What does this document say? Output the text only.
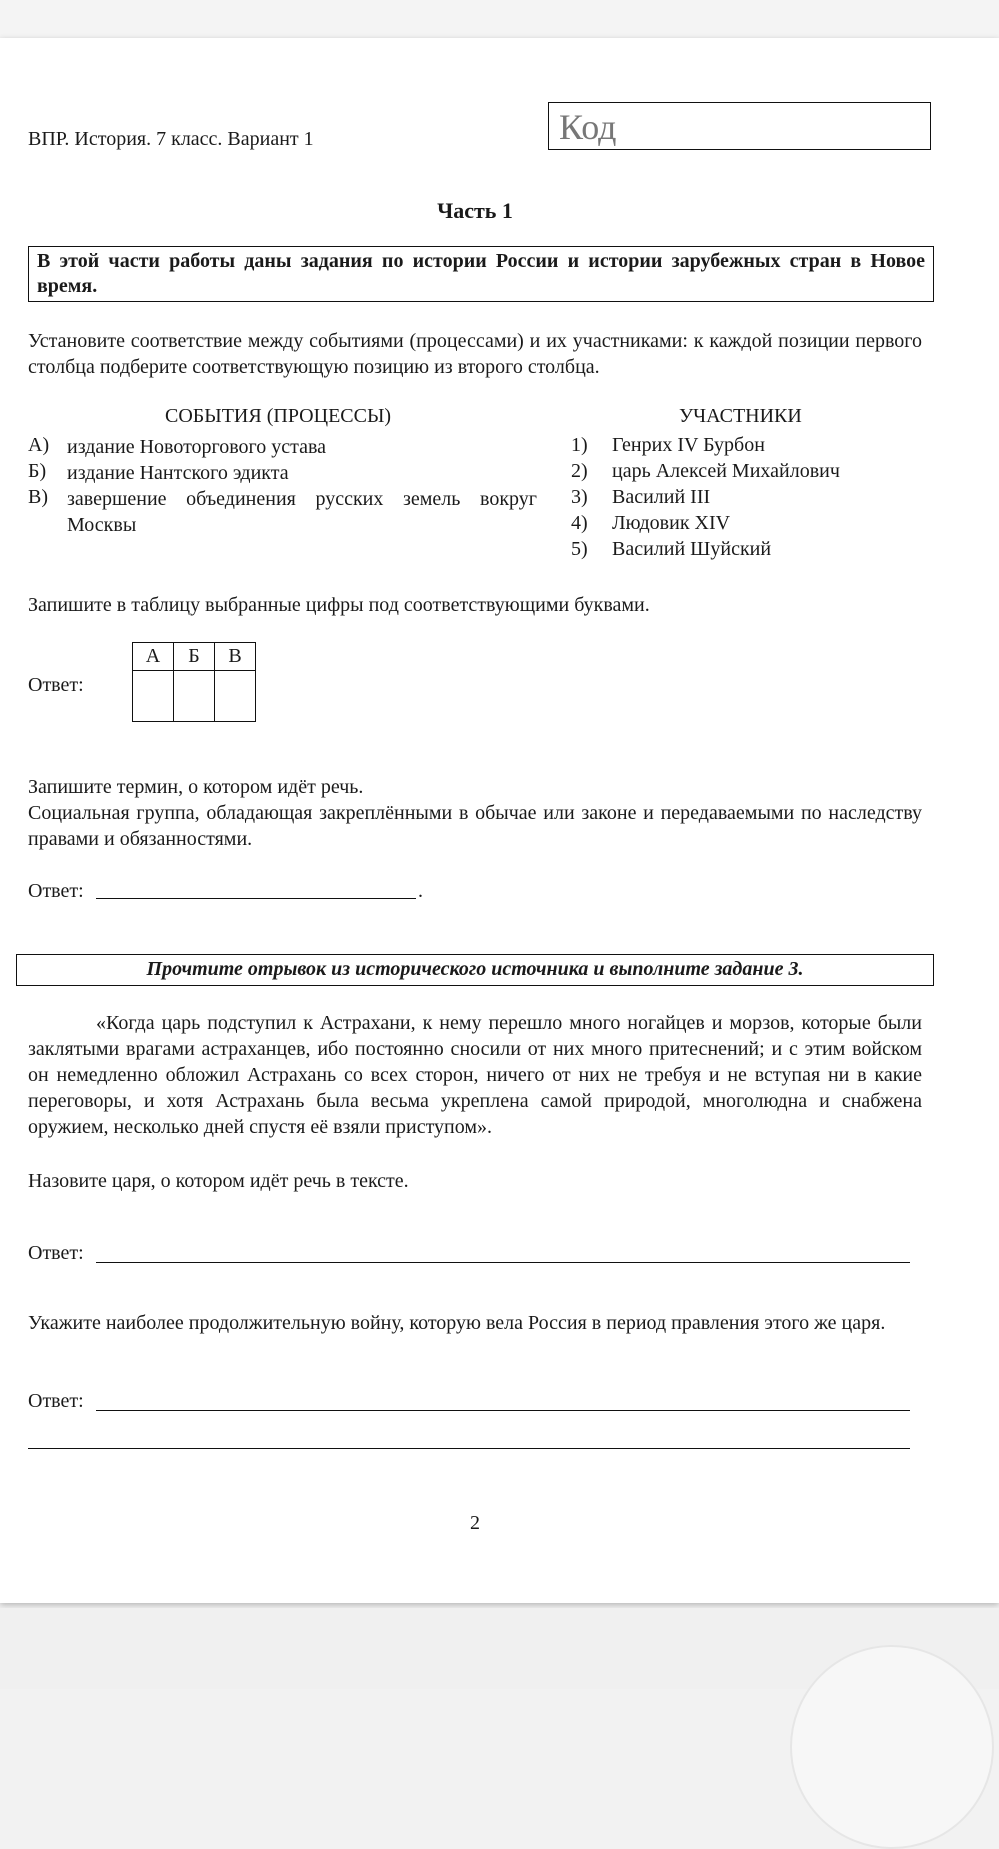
ВПР. История. 7 класс. Вариант 1	Код
Часть 1
В этой части работы даны задания по истории России и истории зарубежных стран в Новое время.
Установите соответствие между событиями (процессами) и их участниками: к каждой позиции первого столбца подберите соответствующую позицию из второго столбца.
СОБЫТИЯ (ПРОЦЕССЫ)	УЧАСТНИКИ
А) издание Новоторгового устава
Б) издание Нантского эдикта
В) завершение объединения русских земель вокруг Москвы
1) Генрих IV Бурбон
2) царь Алексей Михайлович
3) Василий III
4) Людовик XIV
5) Василий Шуйский
Запишите в таблицу выбранные цифры под соответствующими буквами.
Ответ:
А	Б	В

Запишите термин, о котором идёт речь.
Социальная группа, обладающая закреплёнными в обычае или законе и передаваемыми по наследству правами и обязанностями.
Ответ:	.
Прочтите отрывок из исторического источника и выполните задание 3.
«Когда царь подступил к Астрахани, к нему перешло много ногайцев и морзов, которые были заклятыми врагами астраханцев, ибо постоянно сносили от них много притеснений; и с этим войском он немедленно обложил Астрахань со всех сторон, ничего от них не требуя и не вступая ни в какие переговоры, и хотя Астрахань была весьма укреплена самой природой, многолюдна и снабжена оружием, несколько дней спустя её взяли приступом».
Назовите царя, о котором идёт речь в тексте.
Ответ:
Укажите наиболее продолжительную войну, которую вела Россия в период правления этого же царя.
Ответ:
2
